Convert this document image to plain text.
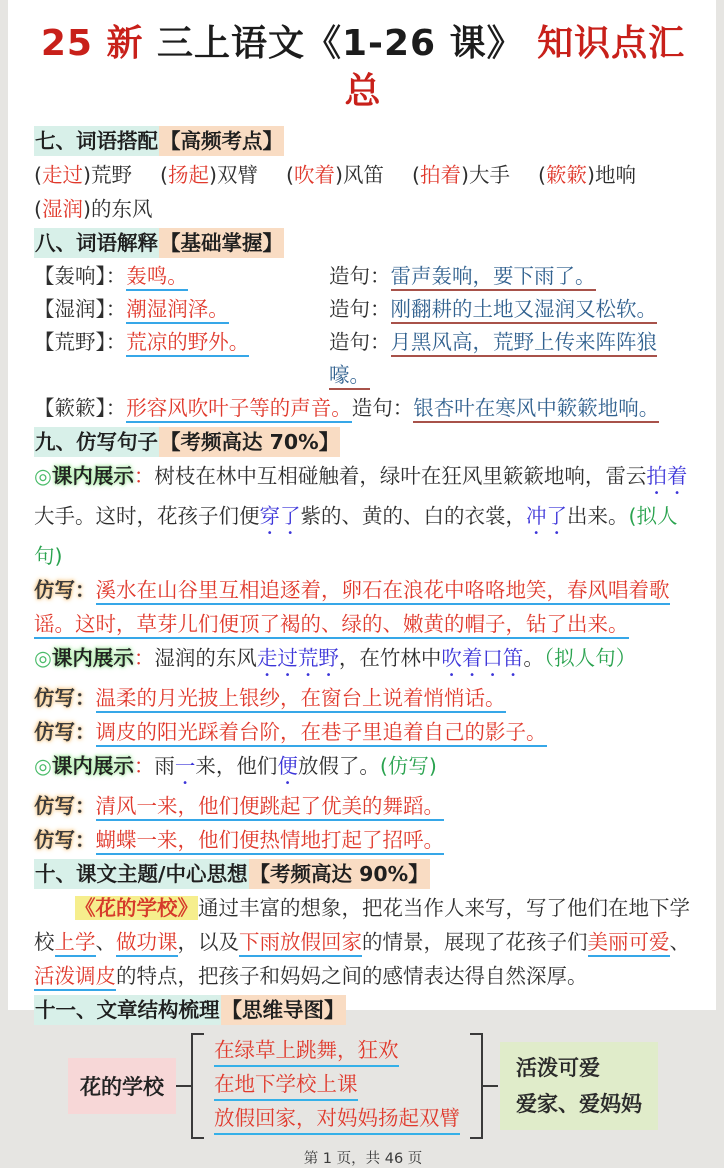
25 新 三上语文《1-26 课》 知识点汇总
七、词语搭配【高频考点】
(走过)荒野 (扬起)双臂 (吹着)风笛 (拍着)大手 (簌簌)地响
(湿润)的东风
八、词语解释【基础掌握】
【轰响】：轰鸣。	造句：雷声轰响，要下雨了。
【湿润】：潮湿润泽。	造句：刚翻耕的土地又湿润又松软。
【荒野】：荒凉的野外。	造句：月黑风高，荒野上传来阵阵狼嚎。
【簌簌】：形容风吹叶子等的声音。 造句：银杏叶在寒风中簌簌地响。
九、仿写句子【考频高达 70%】

◎课内展示：树枝在林中互相碰触着，绿叶在狂风里簌簌地响，雷云拍着大手。这时，花孩子们便穿了紫的、黄的、白的衣裳，冲了出来。(拟人句)

仿写：溪水在山谷里互相追逐着，卵石在浪花中咯咯地笑，春风唱着歌谣。这时，草芽儿们便顶了褐的、绿的、嫩黄的帽子，钻了出来。

◎课内展示：湿润的东风走过荒野，在竹林中吹着口笛。（拟人句）

仿写：温柔的月光披上银纱，在窗台上说着悄悄话。

仿写：调皮的阳光踩着台阶，在巷子里追着自己的影子。

◎课内展示：雨一来，他们便放假了。(仿写)

仿写：清风一来，他们便跳起了优美的舞蹈。

仿写：蝴蝶一来，他们便热情地打起了招呼。

十、课文主题/中心思想【考频高达 90%】

《花的学校》通过丰富的想象，把花当作人来写，写了他们在地下学校上学、做功课，以及下雨放假回家的情景，展现了花孩子们美丽可爱、活泼调皮的特点，把孩子和妈妈之间的感情表达得自然深厚。

十一、文章结构梳理【思维导图】
花的学校
在绿草上跳舞，狂欢
在地下学校上课
放假回家，对妈妈扬起双臂
活泼可爱
爱家、爱妈妈
第 1 页，共 46 页
